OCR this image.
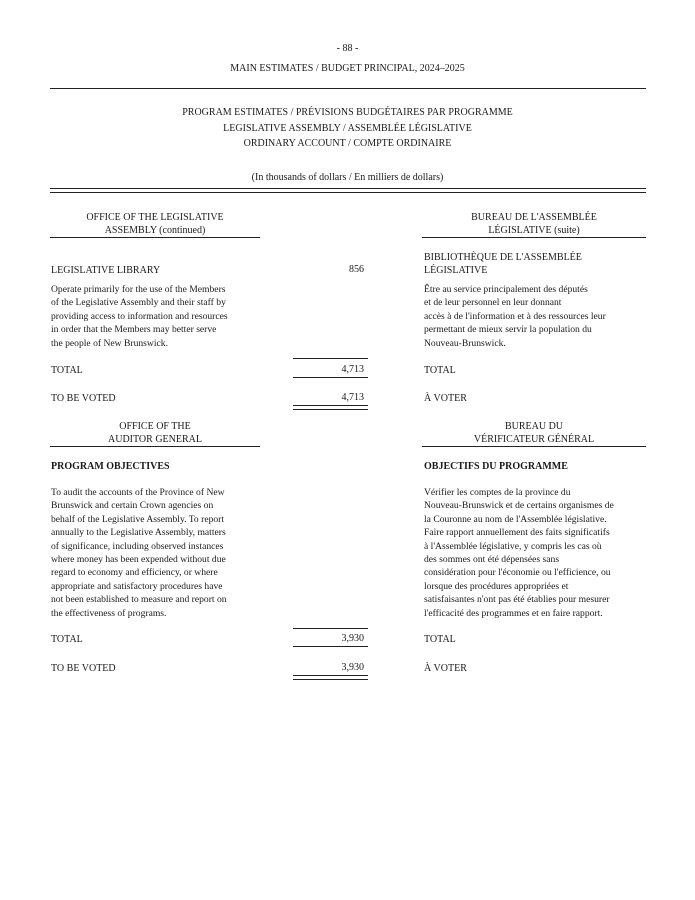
- 88 -
MAIN ESTIMATES / BUDGET PRINCIPAL, 2024–2025
PROGRAM ESTIMATES / PRÉVISIONS BUDGÉTAIRES PAR PROGRAMME
LEGISLATIVE ASSEMBLY / ASSEMBLÉE LÉGISLATIVE
ORDINARY ACCOUNT / COMPTE ORDINAIRE
(In thousands of dollars / En milliers de dollars)
OFFICE OF THE LEGISLATIVE
ASSEMBLY (continued)
BUREAU DE L'ASSEMBLÉE
LÉGISLATIVE (suite)
LEGISLATIVE LIBRARY	856
BIBLIOTHÈQUE DE L'ASSEMBLÉE
LÉGISLATIVE
Operate primarily for the use of the Members
of the Legislative Assembly and their staff by
providing access to information and resources
in order that the Members may better serve
the people of New Brunswick.
Être au service principalement des députés
et de leur personnel en leur donnant
accès à de l'information et à des ressources leur
permettant de mieux servir la population du
Nouveau-Brunswick.
TOTAL	4,713	TOTAL
TO BE VOTED	4,713	À VOTER
OFFICE OF THE
AUDITOR GENERAL
BUREAU DU
VÉRIFICATEUR GÉNÉRAL
PROGRAM OBJECTIVES	OBJECTIFS DU PROGRAMME
To audit the accounts of the Province of New
Brunswick and certain Crown agencies on
behalf of the Legislative Assembly. To report
annually to the Legislative Assembly, matters
of significance, including observed instances
where money has been expended without due
regard to economy and efficiency, or where
appropriate and satisfactory procedures have
not been established to measure and report on
the effectiveness of programs.
Vérifier les comptes de la province du
Nouveau-Brunswick et de certains organismes de
la Couronne au nom de l'Assemblée législative.
Faire rapport annuellement des faits significatifs
à l'Assemblée législative, y compris les cas où
des sommes ont été dépensées sans
considération pour l'économie ou l'efficience, ou
lorsque des procédures appropriées et
satisfaisantes n'ont pas été établies pour mesurer
l'efficacité des programmes et en faire rapport.
TOTAL	3,930	TOTAL
TO BE VOTED	3,930	À VOTER
